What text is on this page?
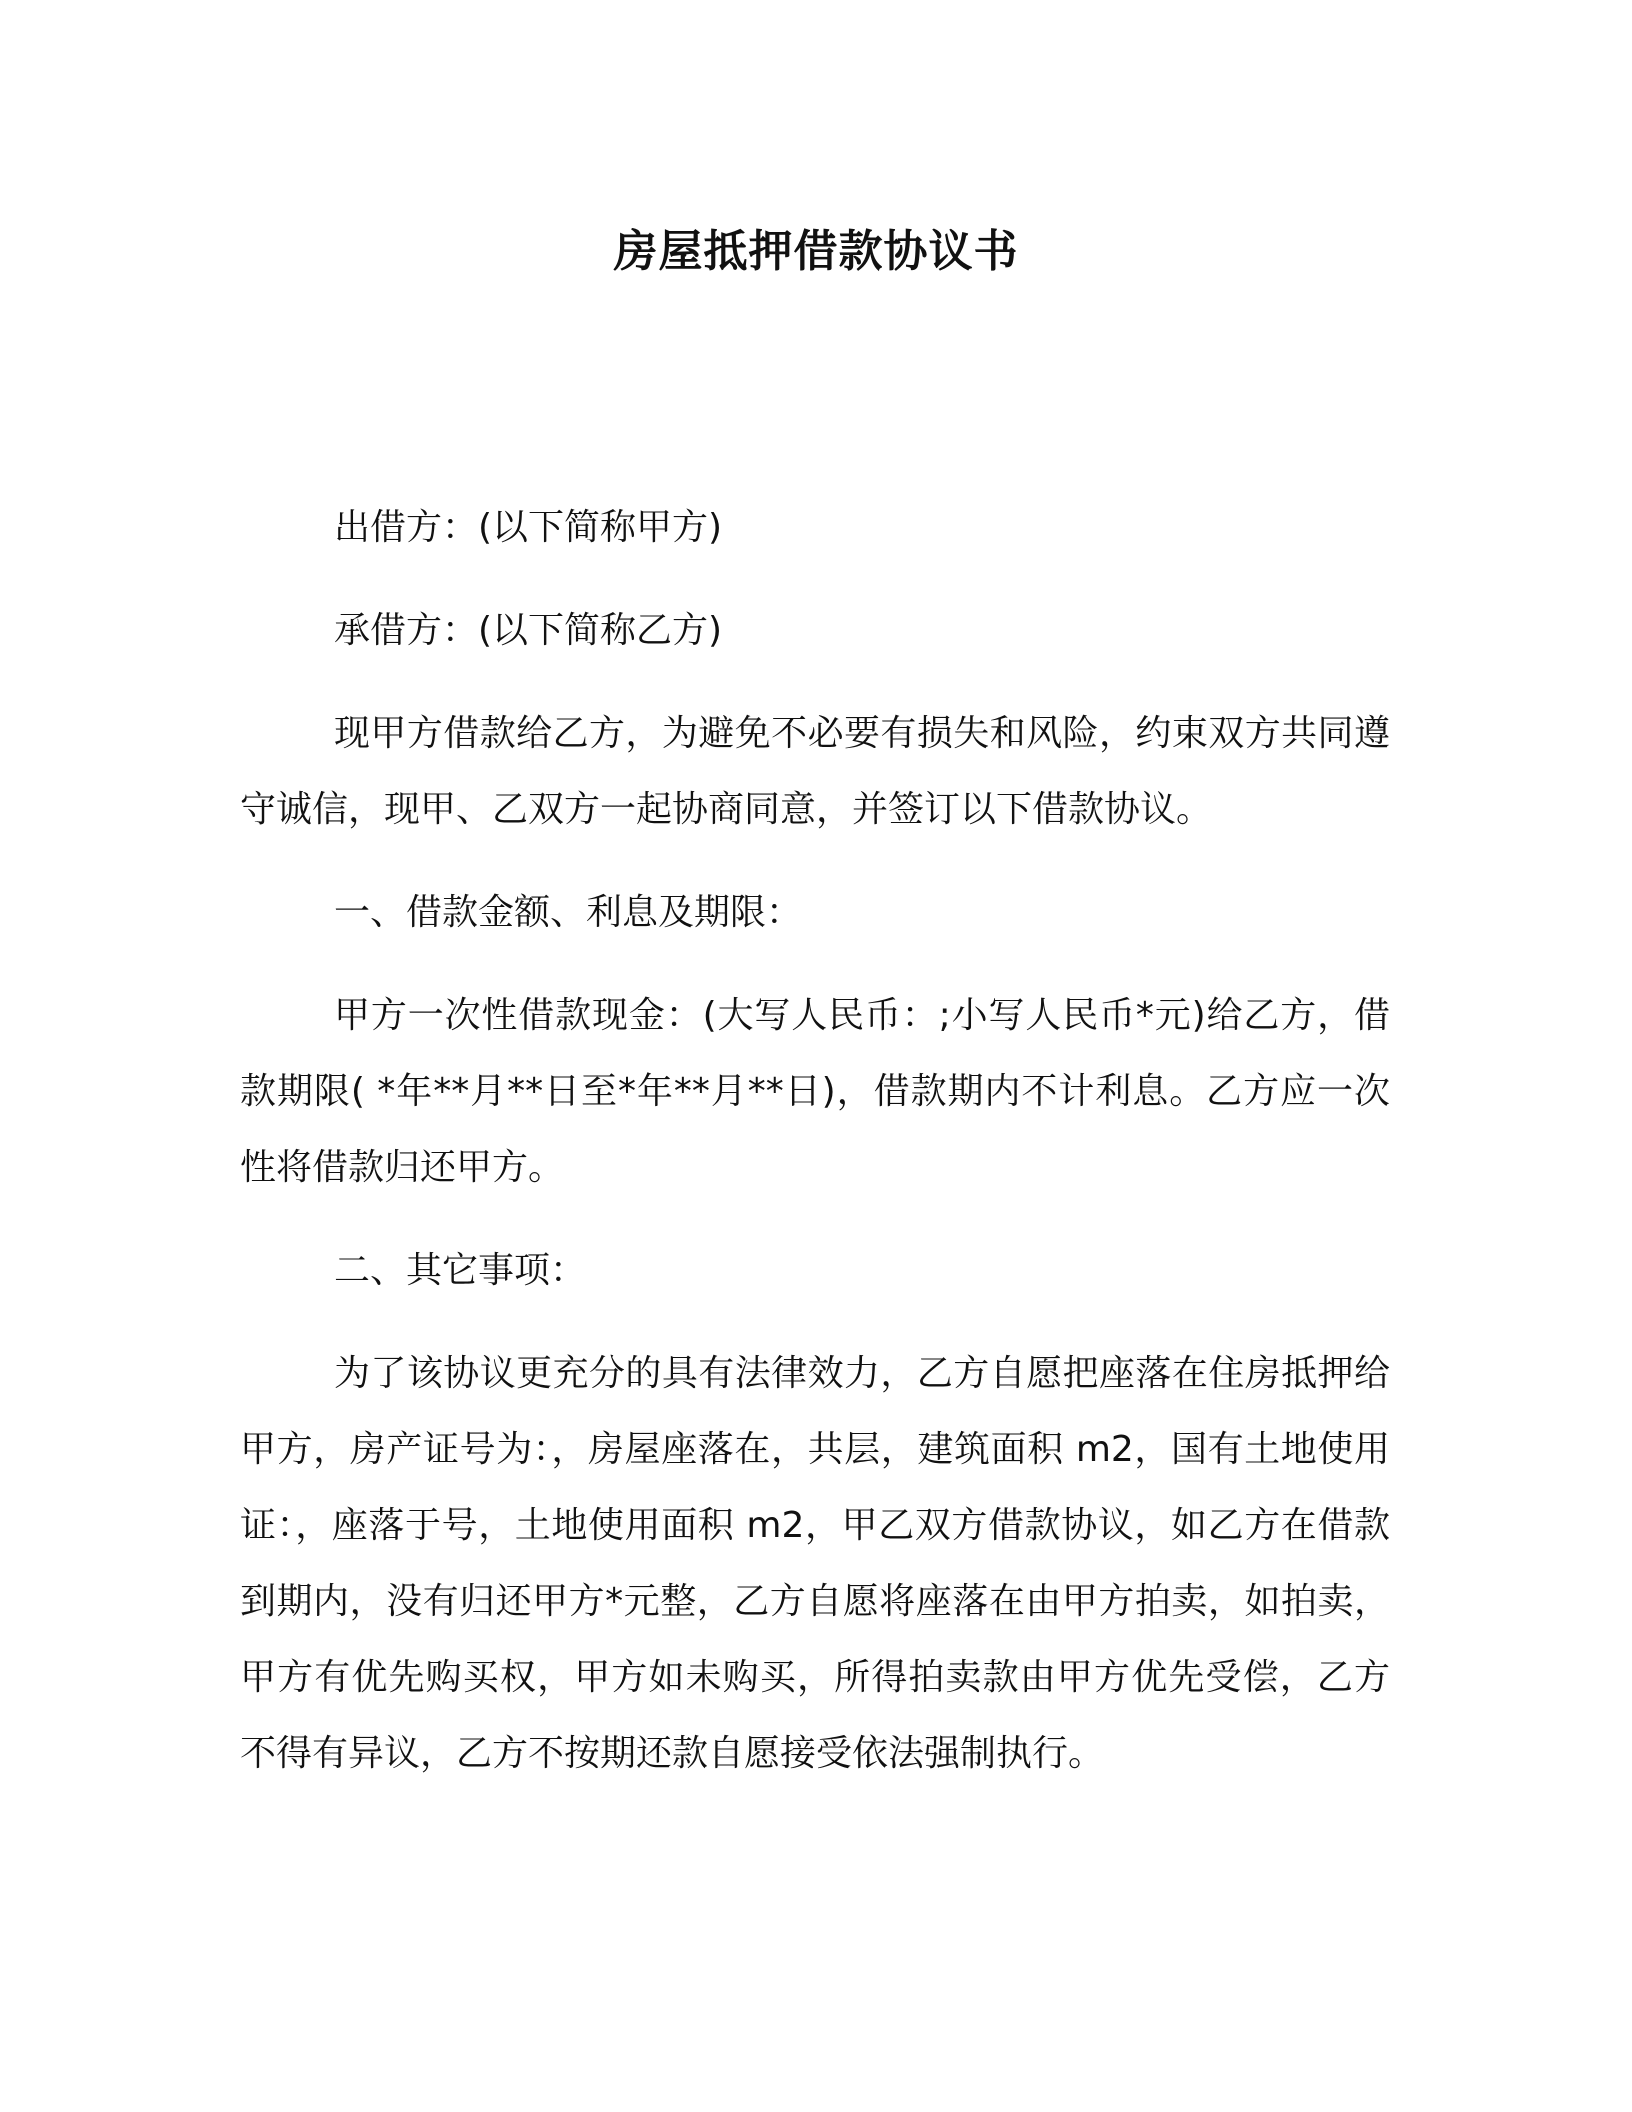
房屋抵押借款协议书

出借方：(以下简称甲方)

承借方：(以下简称乙方)

现甲方借款给乙方，为避免不必要有损失和风险，约束双方共同遵守诚信，现甲、乙双方一起协商同意，并签订以下借款协议。

一、借款金额、利息及期限：

甲方一次性借款现金：(大写人民币：;小写人民币*元)给乙方，借款期限( *年**月**日至*年**月**日)，借款期内不计利息。乙方应一次性将借款归还甲方。

二、其它事项：

为了该协议更充分的具有法律效力，乙方自愿把座落在住房抵押给甲方，房产证号为：，房屋座落在，共层，建筑面积 m2，国有土地使用证：，座落于号，土地使用面积 m2，甲乙双方借款协议，如乙方在借款到期内，没有归还甲方*元整，乙方自愿将座落在由甲方拍卖，如拍卖，甲方有优先购买权，甲方如未购买，所得拍卖款由甲方优先受偿，乙方不得有异议，乙方不按期还款自愿接受依法强制执行。
